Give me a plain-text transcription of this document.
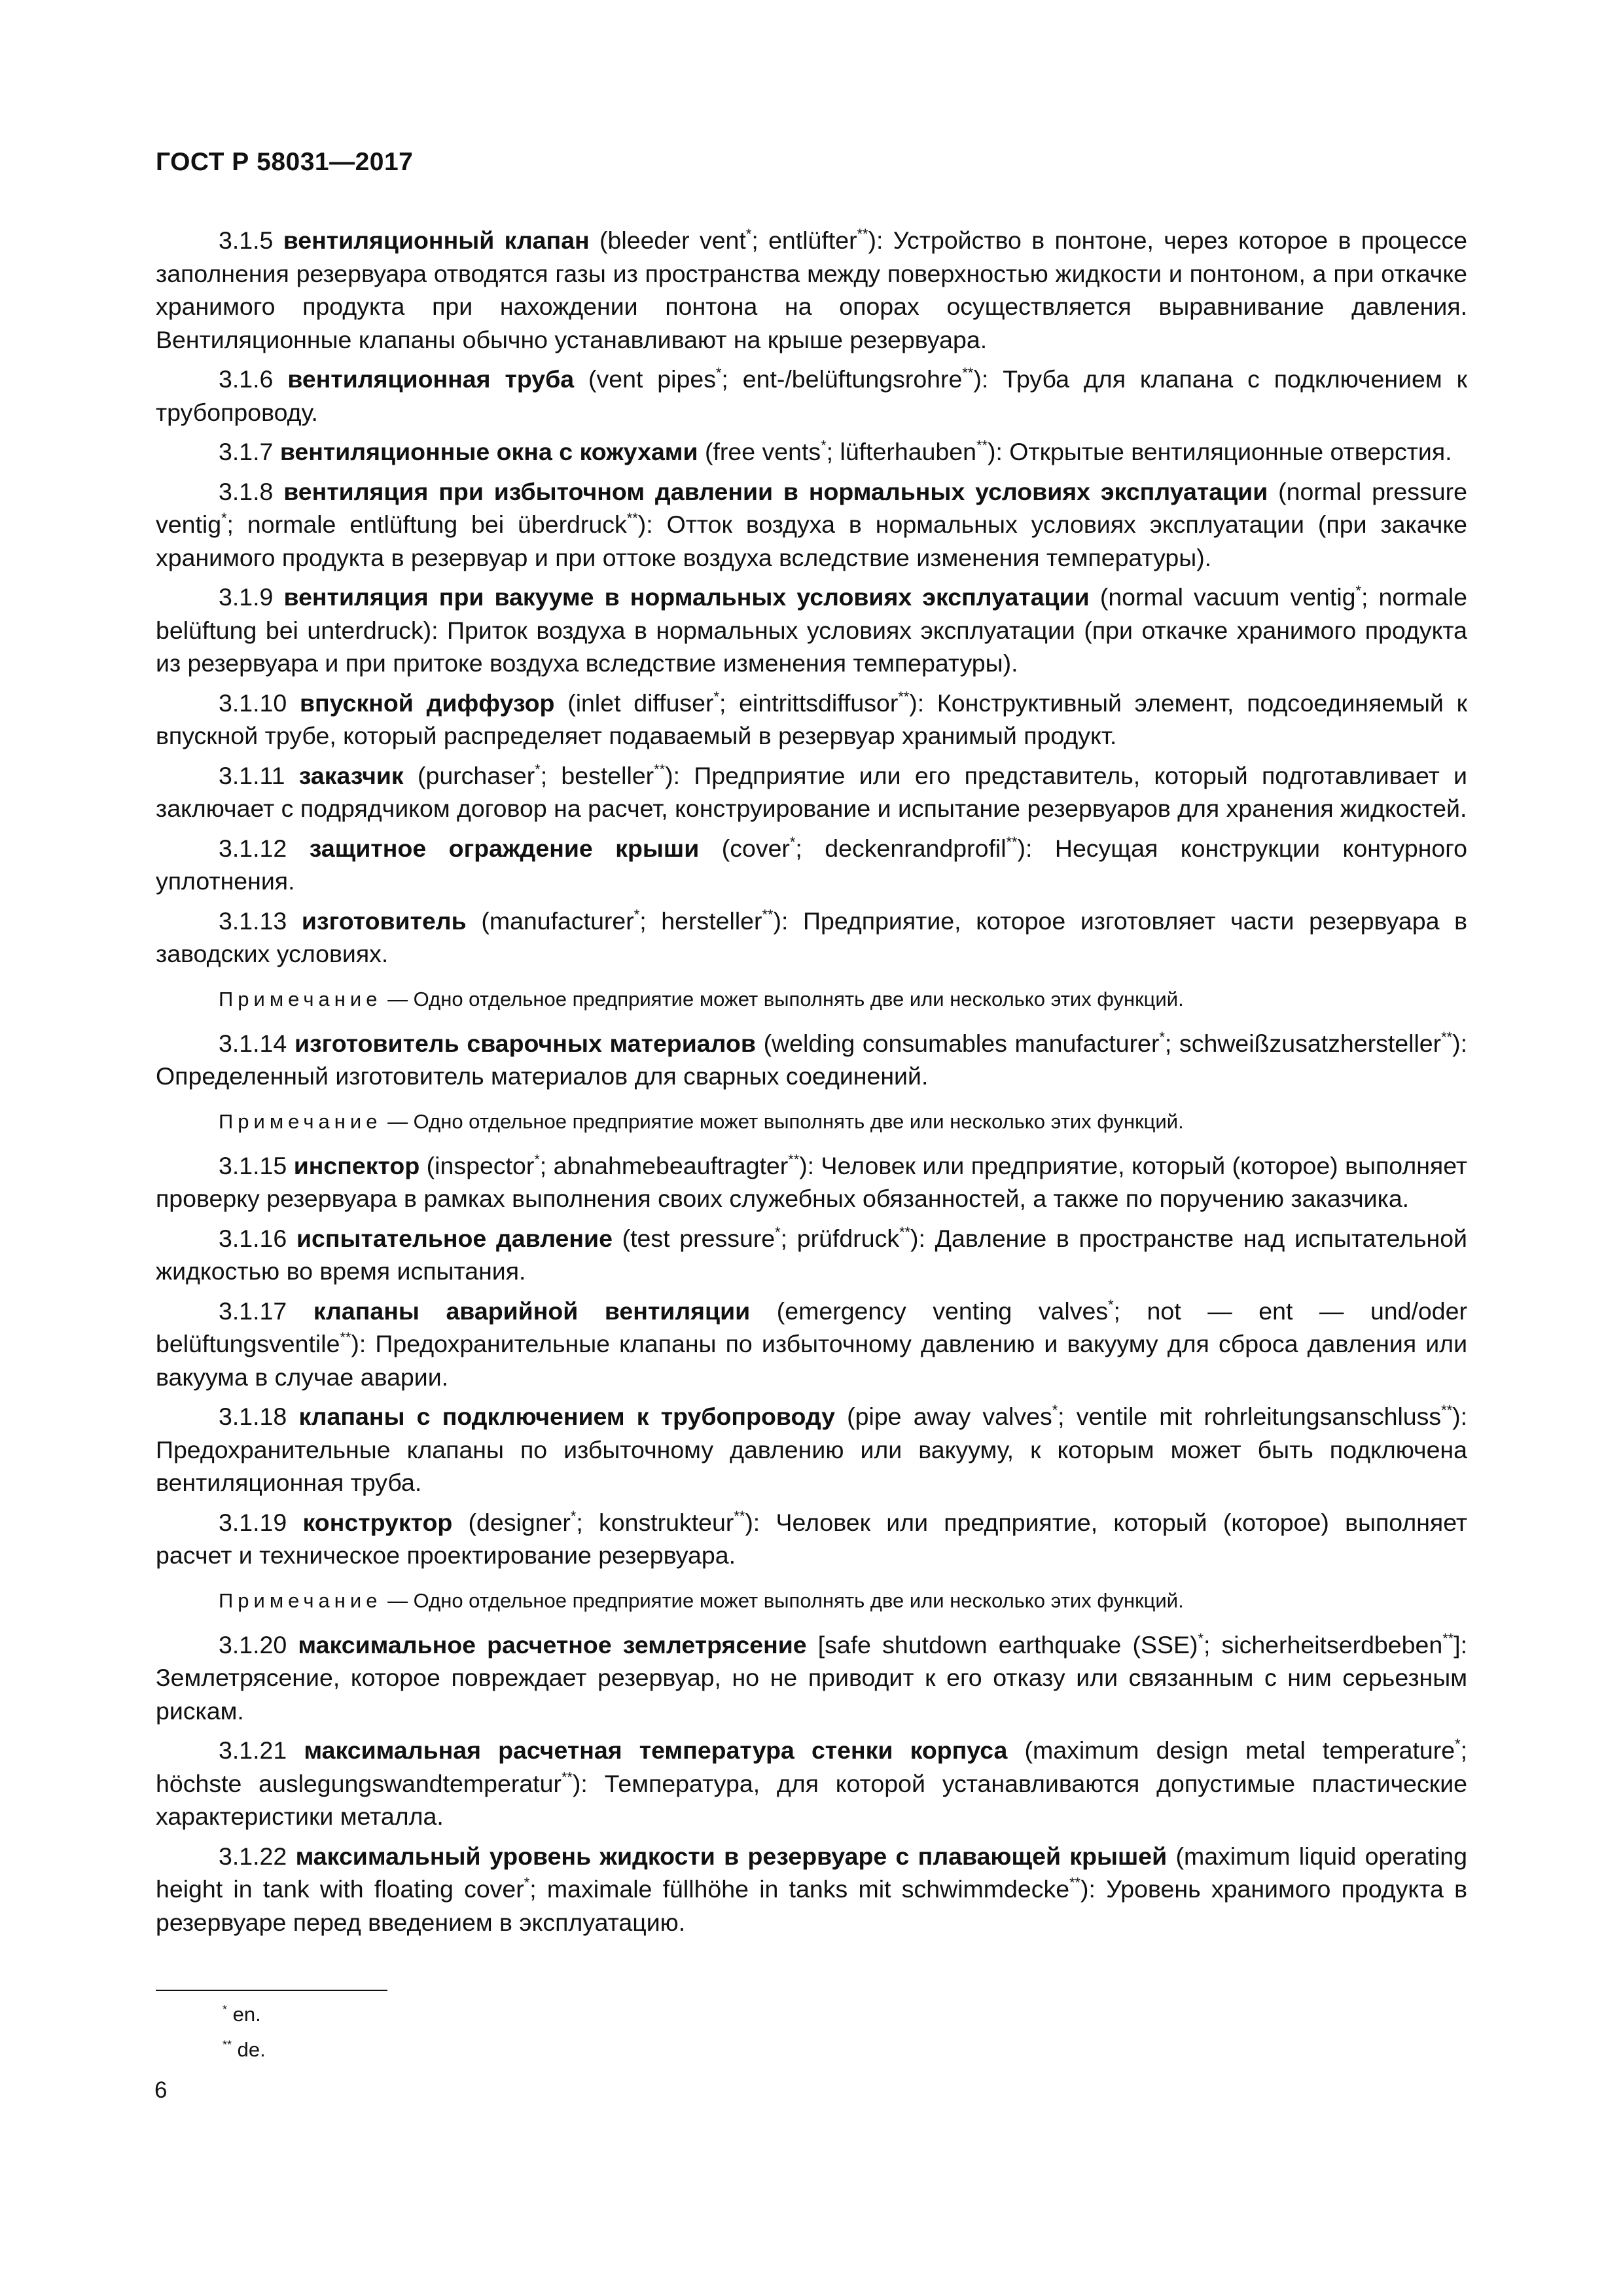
ГОСТ Р 58031—2017

3.1.5 вентиляционный клапан (bleeder vent*; entlüfter**): Устройство в понтоне, через которое в процессе заполнения резервуара отводятся газы из пространства между поверхностью жидкости и понтоном, а при откачке хранимого продукта при нахождении понтона на опорах осуществляется выравнивание давления. Вентиляционные клапаны обычно устанавливают на крыше резервуара.

3.1.6 вентиляционная труба (vent pipes*; ent-/belüftungsrohre**): Труба для клапана с подключением к трубопроводу.

3.1.7 вентиляционные окна с кожухами (free vents*; lüfterhauben**): Открытые вентиляционные отверстия.

3.1.8 вентиляция при избыточном давлении в нормальных условиях эксплуатации (normal pressure ventig*; normale entlüftung bei überdruck**): Отток воздуха в нормальных условиях эксплуатации (при закачке хранимого продукта в резервуар и при оттоке воздуха вследствие изменения температуры).

3.1.9 вентиляция при вакууме в нормальных условиях эксплуатации (normal vacuum ventig*; normale belüftung bei unterdruck): Приток воздуха в нормальных условиях эксплуатации (при откачке хранимого продукта из резервуара и при притоке воздуха вследствие изменения температуры).

3.1.10 впускной диффузор (inlet diffuser*; eintrittsdiffusor**): Конструктивный элемент, подсоединяемый к впускной трубе, который распределяет подаваемый в резервуар хранимый продукт.

3.1.11 заказчик (purchaser*; besteller**): Предприятие или его представитель, который подготавливает и заключает с подрядчиком договор на расчет, конструирование и испытание резервуаров для хранения жидкостей.

3.1.12 защитное ограждение крыши (cover*; deckenrandprofil**): Несущая конструкции контурного уплотнения.

3.1.13 изготовитель (manufacturer*; hersteller**): Предприятие, которое изготовляет части резервуара в заводских условиях.

Примечание — Одно отдельное предприятие может выполнять две или несколько этих функций.

3.1.14 изготовитель сварочных материалов (welding consumables manufacturer*; schweißzusatzhersteller**): Определенный изготовитель материалов для сварных соединений.

Примечание — Одно отдельное предприятие может выполнять две или несколько этих функций.

3.1.15 инспектор (inspector*; abnahmebeauftragter**): Человек или предприятие, который (которое) выполняет проверку резервуара в рамках выполнения своих служебных обязанностей, а также по поручению заказчика.

3.1.16 испытательное давление (test pressure*; prüfdruck**): Давление в пространстве над испытательной жидкостью во время испытания.

3.1.17 клапаны аварийной вентиляции (emergency venting valves*; not — ent — und/oder belüftungsventile**): Предохранительные клапаны по избыточному давлению и вакууму для сброса давления или вакуума в случае аварии.

3.1.18 клапаны с подключением к трубопроводу (pipe away valves*; ventile mit rohrleitungsanschluss**): Предохранительные клапаны по избыточному давлению или вакууму, к которым может быть подключена вентиляционная труба.

3.1.19 конструктор (designer*; konstrukteur**): Человек или предприятие, который (которое) выполняет расчет и техническое проектирование резервуара.

Примечание — Одно отдельное предприятие может выполнять две или несколько этих функций.

3.1.20 максимальное расчетное землетрясение [safe shutdown earthquake (SSE)*; sicherheitserdbeben**]: Землетрясение, которое повреждает резервуар, но не приводит к его отказу или связанным с ним серьезным рискам.

3.1.21 максимальная расчетная температура стенки корпуса (maximum design metal temperature*; höchste auslegungswandtemperatur**): Температура, для которой устанавливаются допустимые пластические характеристики металла.

3.1.22 максимальный уровень жидкости в резервуаре с плавающей крышей (maximum liquid operating height in tank with floating cover*; maximale füllhöhe in tanks mit schwimmdecke**): Уровень хранимого продукта в резервуаре перед введением в эксплуатацию.

* en.
** de.
6
